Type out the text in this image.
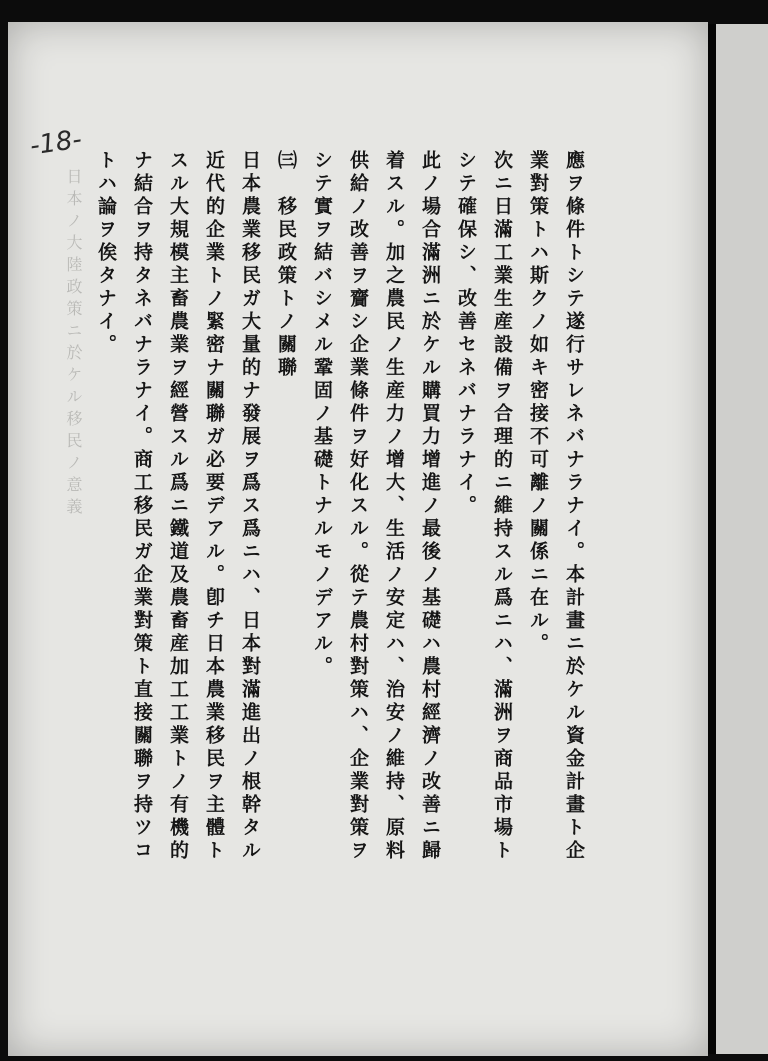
-18-
應ヲ條件トシテ遂行サレネバナラナイ。本計畫ニ於ケル資金計畫ト企
業對策トハ斯クノ如キ密接不可離ノ關係ニ在ル。
次ニ日滿工業生産設備ヲ合理的ニ維持スル爲ニハ、滿洲ヲ商品市場ト
シテ確保シ、改善セネバナラナイ。
此ノ場合滿洲ニ於ケル購買力增進ノ最後ノ基礎ハ農村經濟ノ改善ニ歸
着スル。加之農民ノ生産力ノ增大、生活ノ安定ハ、治安ノ維持、原料
供給ノ改善ヲ齎シ企業條件ヲ好化スル。從テ農村對策ハ、企業對策ヲ
シテ實ヲ結バシメル鞏固ノ基礎トナルモノデアル。
㈢　移民政策トノ關聯
日本農業移民ガ大量的ナ發展ヲ爲ス爲ニハ、日本對滿進出ノ根幹タル
近代的企業トノ緊密ナ關聯ガ必要デアル。卽チ日本農業移民ヲ主體ト
スル大規模主畜農業ヲ經營スル爲ニ鐵道及農畜産加工工業トノ有機的
ナ結合ヲ持タネバナラナイ。商工移民ガ企業對策ト直接關聯ヲ持ツコ
トハ論ヲ俟タナイ。
日本ノ大陸政策ニ於ケル移民ノ意義
